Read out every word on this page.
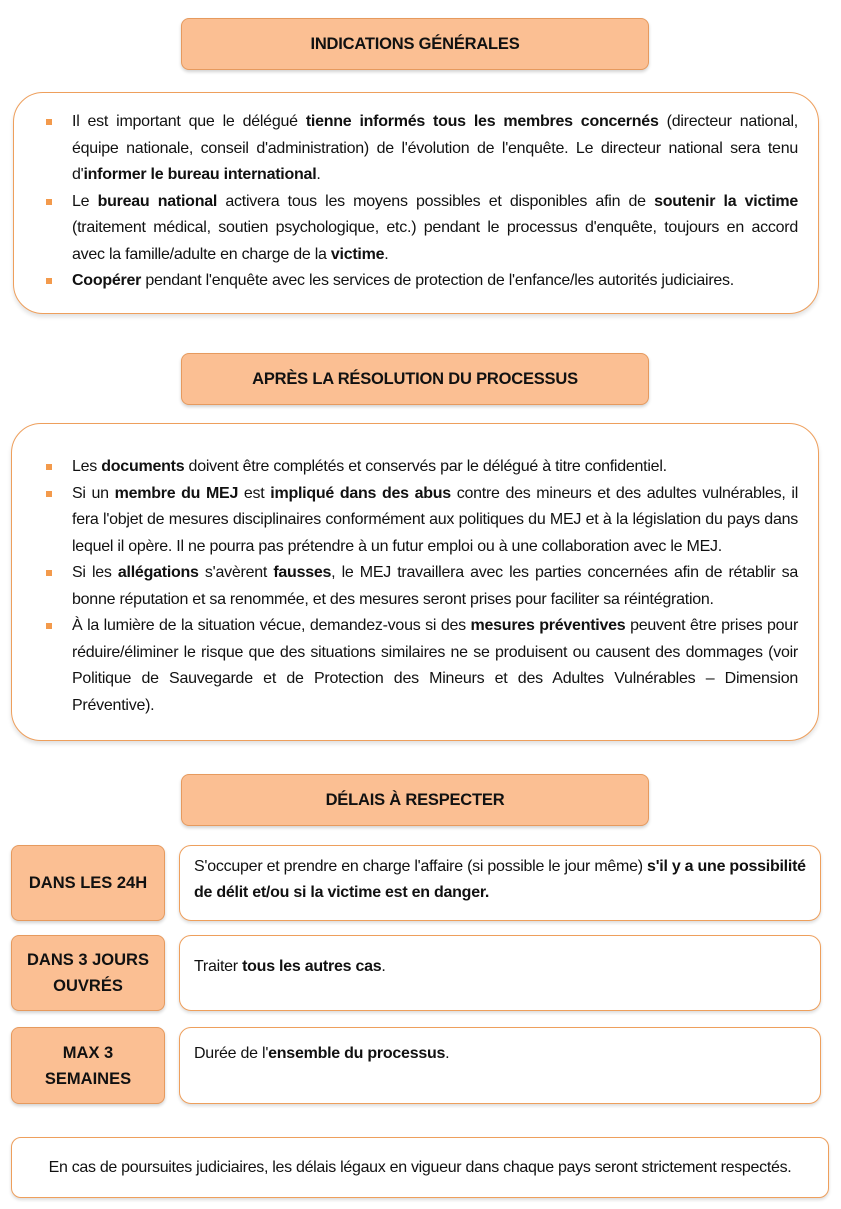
INDICATIONS GÉNÉRALES
Il est important que le délégué tienne informés tous les membres concernés (directeur national, équipe nationale, conseil d'administration) de l'évolution de l'enquête. Le directeur national sera tenu d'informer le bureau international.
Le bureau national activera tous les moyens possibles et disponibles afin de soutenir la victime (traitement médical, soutien psychologique, etc.) pendant le processus d'enquête, toujours en accord avec la famille/adulte en charge de la victime.
Coopérer pendant l'enquête avec les services de protection de l'enfance/les autorités judiciaires.
APRÈS LA RÉSOLUTION DU PROCESSUS
Les documents doivent être complétés et conservés par le délégué à titre confidentiel.
Si un membre du MEJ est impliqué dans des abus contre des mineurs et des adultes vulnérables, il fera l'objet de mesures disciplinaires conformément aux politiques du MEJ et à la législation du pays dans lequel il opère. Il ne pourra pas prétendre à un futur emploi ou à une collaboration avec le MEJ.
Si les allégations s'avèrent fausses, le MEJ travaillera avec les parties concernées afin de rétablir sa bonne réputation et sa renommée, et des mesures seront prises pour faciliter sa réintégration.
À la lumière de la situation vécue, demandez-vous si des mesures préventives peuvent être prises pour réduire/éliminer le risque que des situations similaires ne se produisent ou causent des dommages (voir Politique de Sauvegarde et de Protection des Mineurs et des Adultes Vulnérables – Dimension Préventive).
DÉLAIS À RESPECTER
DANS LES 24H
S'occuper et prendre en charge l'affaire (si possible le jour même) s'il y a une possibilité de délit et/ou si la victime est en danger.
DANS 3 JOURS OUVRÉS
Traiter tous les autres cas.
MAX 3 SEMAINES
Durée de l'ensemble du processus.
En cas de poursuites judiciaires, les délais légaux en vigueur dans chaque pays seront strictement respectés.
